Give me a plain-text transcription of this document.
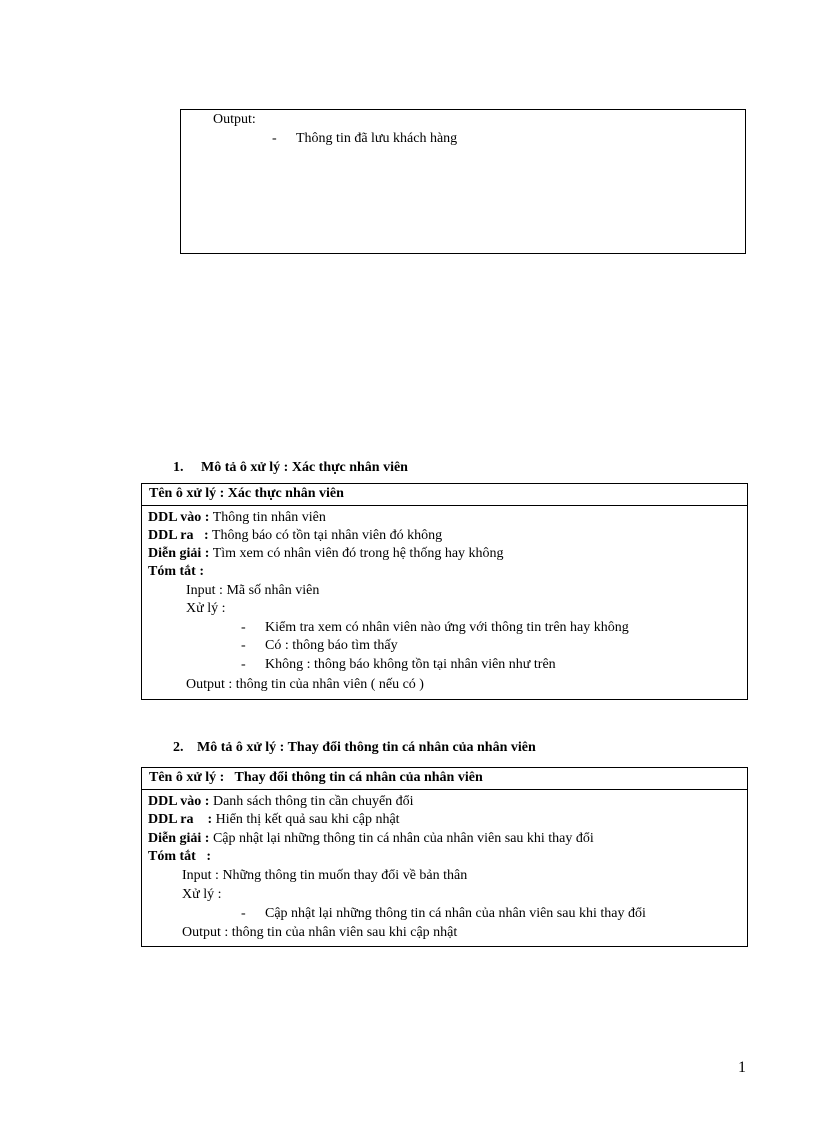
Output:
- Thông tin đã lưu khách hàng
1. Mô tả ô xử lý : Xác thực nhân viên
Tên ô xử lý : Xác thực nhân viên
DDL vào : Thông tin nhân viên
DDL ra   : Thông báo có tồn tại nhân viên đó không
Diễn giải : Tìm xem có nhân viên đó trong hệ thống hay không
Tóm tắt :
Input : Mã số nhân viên
Xử lý :
- Kiểm tra xem có nhân viên nào ứng với thông tin trên hay không
- Có : thông báo tìm thấy
- Không : thông báo không tồn tại nhân viên như trên
Output : thông tin của nhân viên ( nếu có )
2. Mô tả ô xử lý : Thay đổi thông tin cá nhân của nhân viên
Tên ô xử lý :   Thay đổi thông tin cá nhân của nhân viên
DDL vào : Danh sách thông tin cần chuyển đổi
DDL ra    : Hiển thị kết quả sau khi cập nhật
Diễn giải : Cập nhật lại những thông tin cá nhân của nhân viên sau khi thay đổi
Tóm tắt   :
Input : Những thông tin muốn thay đổi về bản thân
Xử lý :
- Cập nhật lại những thông tin cá nhân của nhân viên sau khi thay đổi
Output : thông tin của nhân viên sau khi cập nhật
1
